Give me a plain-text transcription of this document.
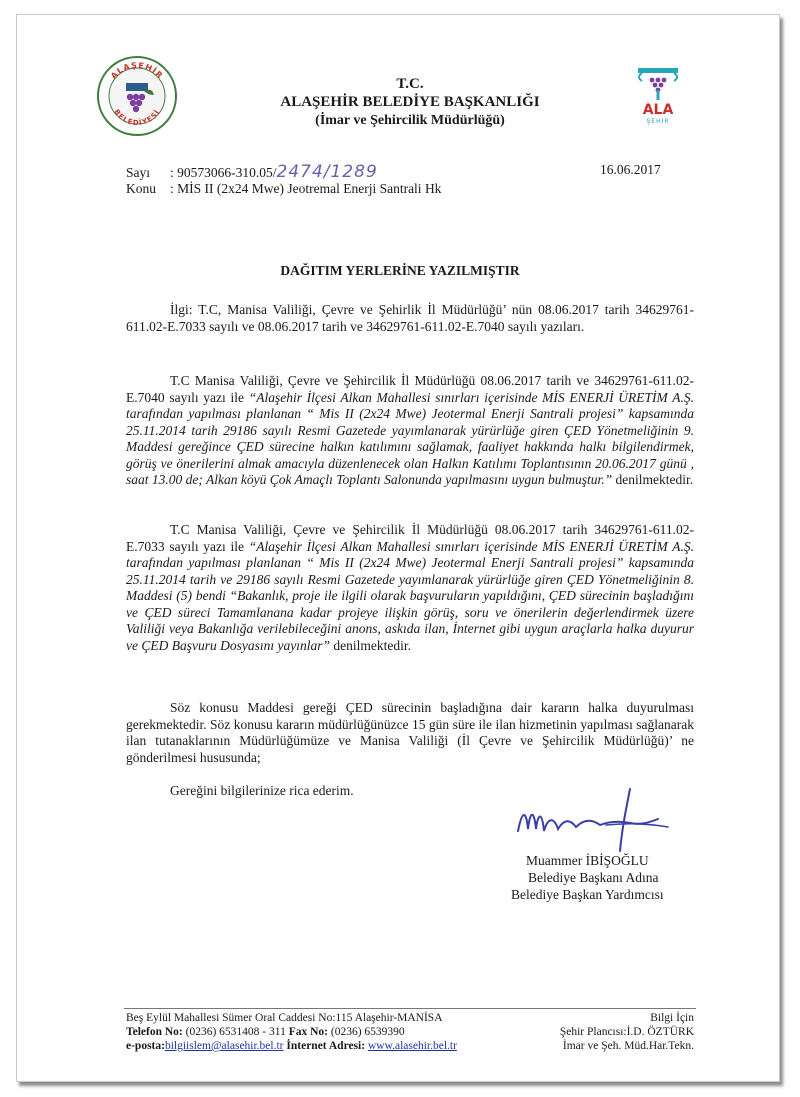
ALAŞEHİR
BELEDİYESİ	ALA
ŞEHİR
T.C.
ALAŞEHİR BELEDİYE BAŞKANLIĞI
(İmar ve Şehircilik Müdürlüğü)
Sayı : 90573066-310.05/2474/1289
Konu : MİS II (2x24 Mwe) Jeotremal Enerji Santrali Hk
16.06.2017
DAĞITIM YERLERİNE YAZILMIŞTIR

İlgi: T.C, Manisa Valiliği, Çevre ve Şehirlik İl Müdürlüğü’ nün 08.06.2017 tarih 34629761-611.02-E.7033 sayılı ve 08.06.2017 tarih ve 34629761-611.02-E.7040 sayılı yazıları.

T.C Manisa Valiliği, Çevre ve Şehircilik İl Müdürlüğü 08.06.2017 tarih ve 34629761-611.02-E.7040 sayılı yazı ile “Alaşehir İlçesi Alkan Mahallesi sınırları içerisinde MİS ENERJİ ÜRETİM A.Ş. tarafından yapılması planlanan “ Mis II (2x24 Mwe) Jeotermal Enerji Santrali projesi” kapsamında 25.11.2014 tarih 29186 sayılı Resmi Gazetede yayımlanarak yürürlüğe giren ÇED Yönetmeliğinin 9. Maddesi gereğince ÇED sürecine halkın katılımını sağlamak, faaliyet hakkında halkı bilgilendirmek, görüş ve önerilerini almak amacıyla düzenlenecek olan Halkın Katılımı Toplantısının 20.06.2017 günü , saat 13.00 de; Alkan köyü Çok Amaçlı Toplantı Salonunda yapılmasını uygun bulmuştur.” denilmektedir.

T.C Manisa Valiliği, Çevre ve Şehircilik İl Müdürlüğü 08.06.2017 tarih 34629761-611.02-E.7033 sayılı yazı ile “Alaşehir İlçesi Alkan Mahallesi sınırları içerisinde MİS ENERJİ ÜRETİM A.Ş. tarafından yapılması planlanan “ Mis II (2x24 Mwe) Jeotermal Enerji Santrali projesi” kapsamında 25.11.2014 tarih ve 29186 sayılı Resmi Gazetede yayımlanarak yürürlüğe giren ÇED Yönetmeliğinin 8. Maddesi (5) bendi “Bakanlık, proje ile ilgili olarak başvuruların yapıldığını, ÇED sürecinin başladığını ve ÇED süreci Tamamlanana kadar projeye ilişkin görüş, soru ve önerilerin değerlendirmek üzere Valiliği veya Bakanlığa verilebileceğini anons, askıda ilan, İnternet gibi uygun araçlarla halka duyurur ve ÇED Başvuru Dosyasını yayınlar” denilmektedir.

Söz konusu Maddesi gereği ÇED sürecinin başladığına dair kararın halka duyurulması gerekmektedir. Söz konusu kararın müdürlüğünüzce 15 gün süre ile ilan hizmetinin yapılması sağlanarak ilan tutanaklarının Müdürlüğümüze ve Manisa Valiliği (İl Çevre ve Şehircilik Müdürlüğü)’ ne gönderilmesi hususunda;

Gereğini bilgilerinize rica ederim.

Muammer İBİŞOĞLU
Belediye Başkanı Adına
Belediye Başkan Yardımcısı
Beş Eylül Mahallesi Sümer Oral Caddesi No:115 Alaşehir-MANİSA
Telefon No: (0236) 6531408 - 311 Fax No: (0236) 6539390
e-posta:bilgiislem@alasehir.bel.tr İnternet Adresi: www.alasehir.bel.tr
Bilgi İçin
Şehir Plancısı:İ.D. ÖZTÜRK
İmar ve Şeh. Müd.Har.Tekn.
